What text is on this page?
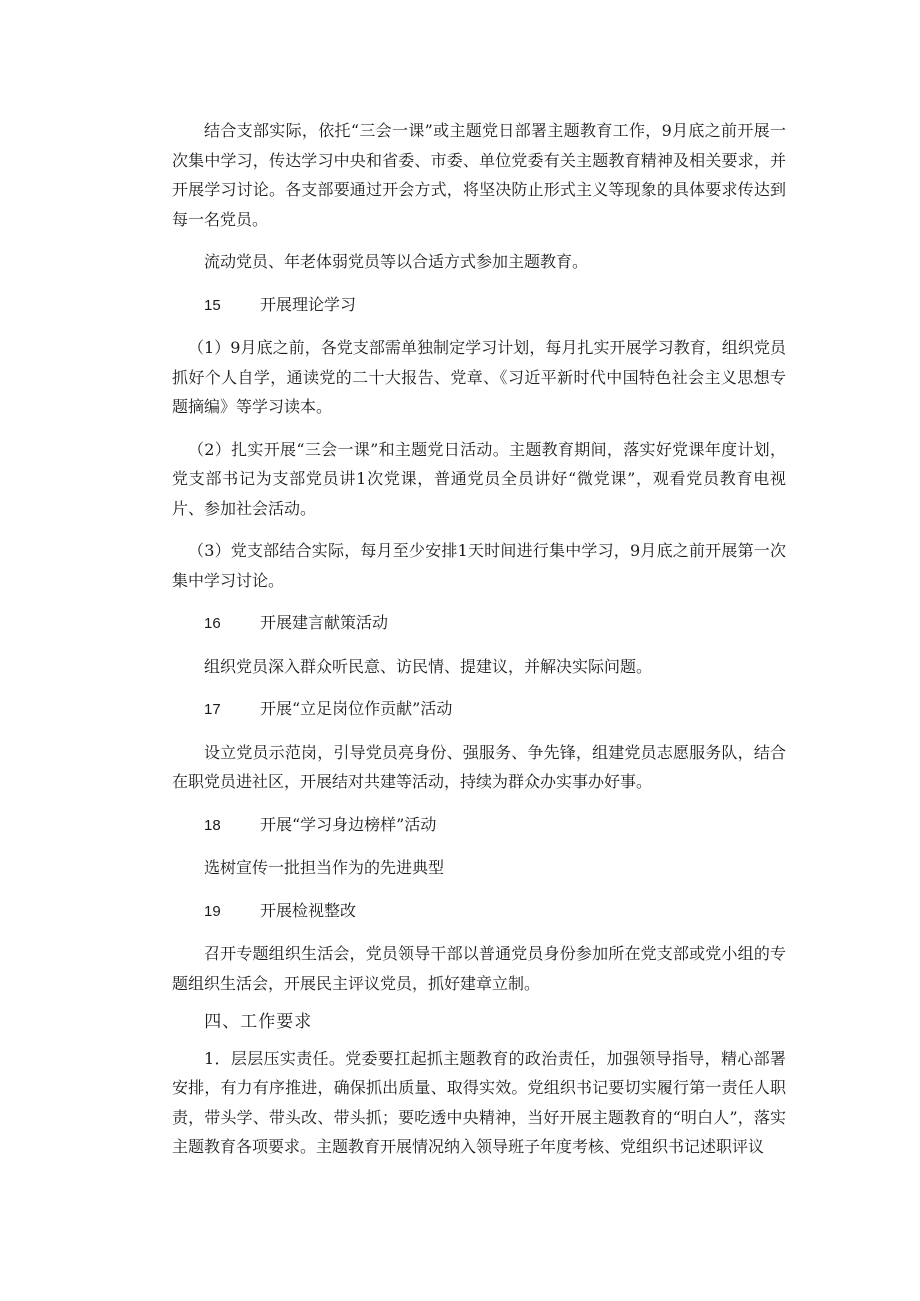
结合支部实际，依托“三会一课”或主题党日部署主题教育工作，9月底之前开展一次集中学习，传达学习中央和省委、市委、单位党委有关主题教育精神及相关要求，并开展学习讨论。各支部要通过开会方式，将坚决防止形式主义等现象的具体要求传达到每一名党员。

流动党员、年老体弱党员等以合适方式参加主题教育。

15	开展理论学习

（1）9月底之前，各党支部需单独制定学习计划，每月扎实开展学习教育，组织党员抓好个人自学，通读党的二十大报告、党章、《习近平新时代中国特色社会主义思想专题摘编》等学习读本。

（2）扎实开展“三会一课”和主题党日活动。主题教育期间，落实好党课年度计划，党支部书记为支部党员讲1次党课，普通党员全员讲好“微党课”，观看党员教育电视片、参加社会活动。

（3）党支部结合实际，每月至少安排1天时间进行集中学习，9月底之前开展第一次集中学习讨论。

16	开展建言献策活动

组织党员深入群众听民意、访民情、提建议，并解决实际问题。

17	开展“立足岗位作贡献”活动

设立党员示范岗，引导党员亮身份、强服务、争先锋，组建党员志愿服务队，结合在职党员进社区，开展结对共建等活动，持续为群众办实事办好事。

18	开展“学习身边榜样”活动

选树宣传一批担当作为的先进典型

19	开展检视整改

召开专题组织生活会，党员领导干部以普通党员身份参加所在党支部或党小组的专题组织生活会，开展民主评议党员，抓好建章立制。

四、工作要求

1．层层压实责任。党委要扛起抓主题教育的政治责任，加强领导指导，精心部署安排，有力有序推进，确保抓出质量、取得实效。党组织书记要切实履行第一责任人职责，带头学、带头改、带头抓；要吃透中央精神，当好开展主题教育的“明白人”，落实主题教育各项要求。主题教育开展情况纳入领导班子年度考核、党组织书记述职评议
